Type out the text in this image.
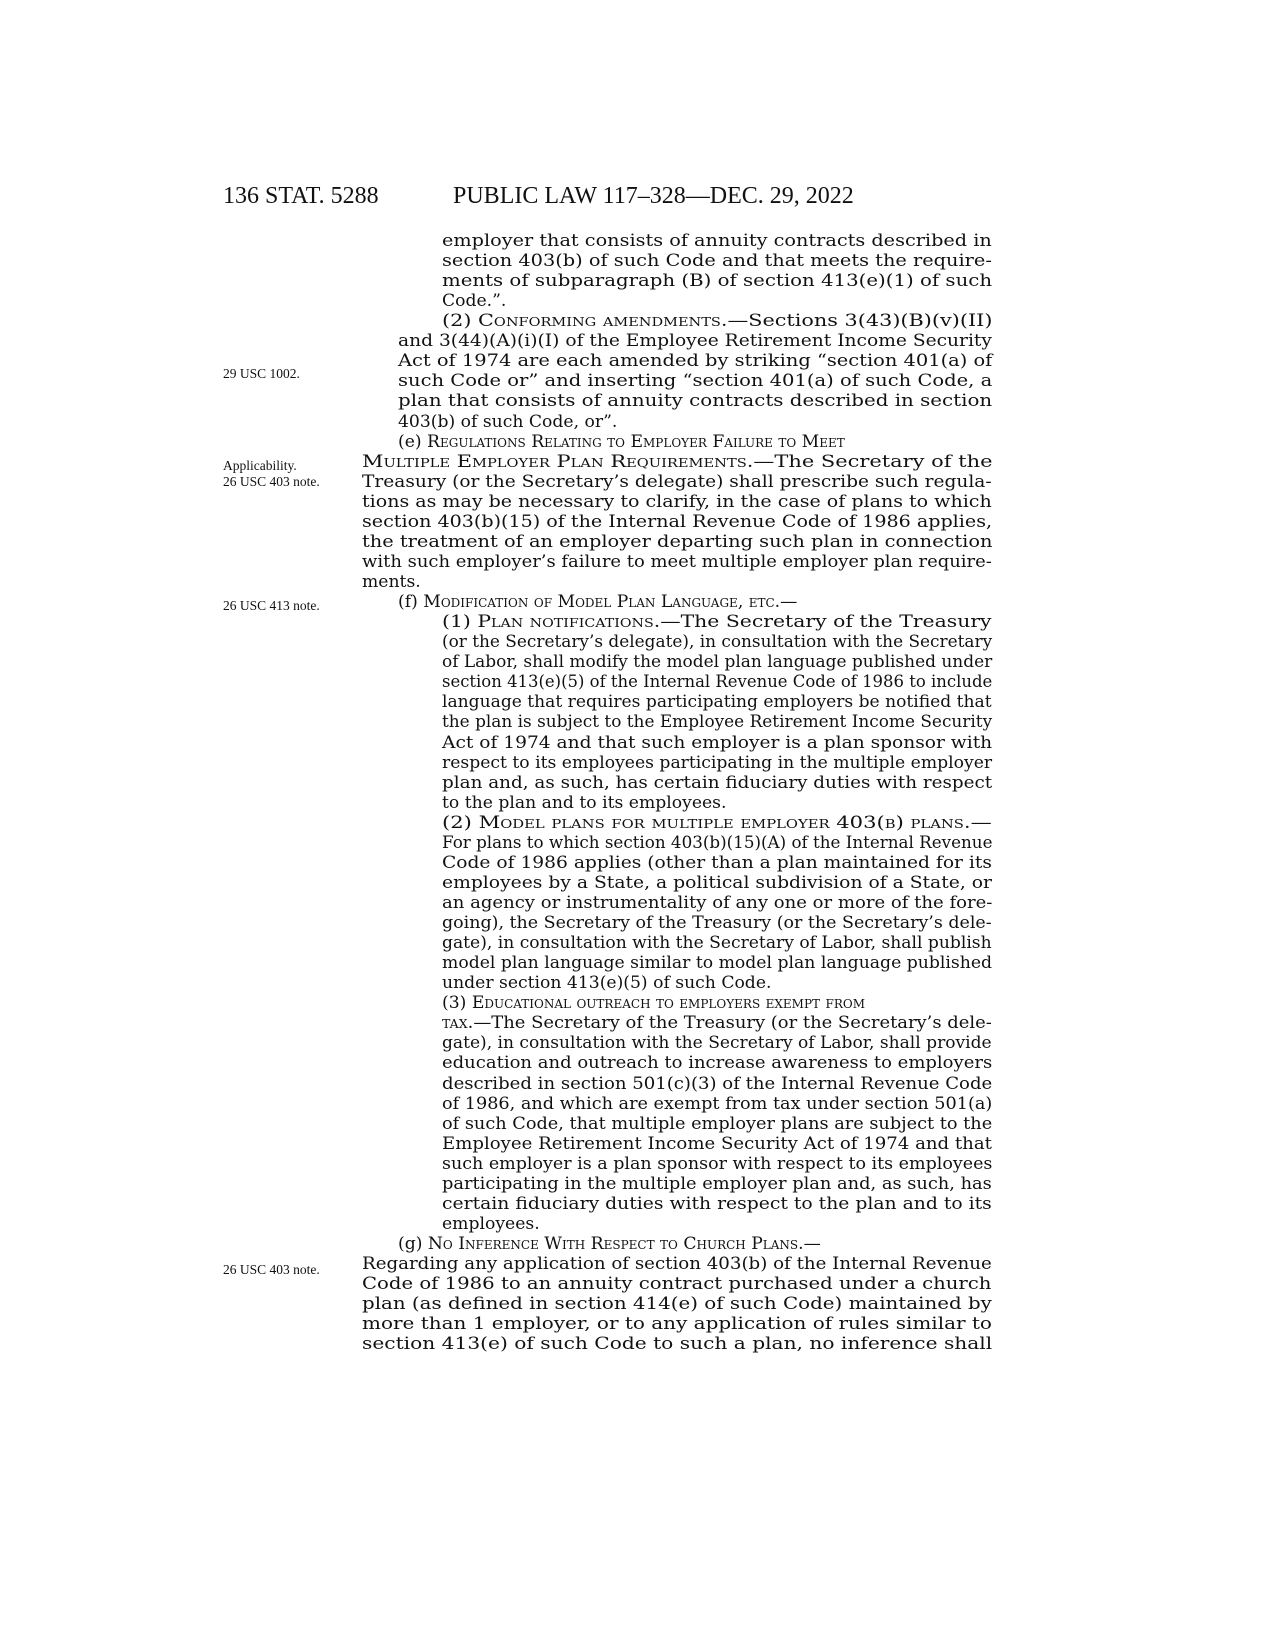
136 STAT. 5288	PUBLIC LAW 117–328—DEC. 29, 2022
29 USC 1002.
Applicability.
26 USC 403 note.
26 USC 413 note.
26 USC 403 note.
employer that consists of annuity contracts described in
section 403(b) of such Code and that meets the require-
ments of subparagraph (B) of section 413(e)(1) of such
Code.”.
(2) Conforming amendments.—Sections 3(43)(B)(v)(II)
and 3(44)(A)(i)(I) of the Employee Retirement Income Security
Act of 1974 are each amended by striking “section 401(a) of
such Code or” and inserting “section 401(a) of such Code, a
plan that consists of annuity contracts described in section
403(b) of such Code, or”.
(e) Regulations Relating to Employer Failure to Meet
Multiple Employer Plan Requirements.—The Secretary of the
Treasury (or the Secretary’s delegate) shall prescribe such regula-
tions as may be necessary to clarify, in the case of plans to which
section 403(b)(15) of the Internal Revenue Code of 1986 applies,
the treatment of an employer departing such plan in connection
with such employer’s failure to meet multiple employer plan require-
ments.
(f) Modification of Model Plan Language, etc.—
(1) Plan notifications.—The Secretary of the Treasury
(or the Secretary’s delegate), in consultation with the Secretary
of Labor, shall modify the model plan language published under
section 413(e)(5) of the Internal Revenue Code of 1986 to include
language that requires participating employers be notified that
the plan is subject to the Employee Retirement Income Security
Act of 1974 and that such employer is a plan sponsor with
respect to its employees participating in the multiple employer
plan and, as such, has certain fiduciary duties with respect
to the plan and to its employees.
(2) Model plans for multiple employer 403(b) plans.—
For plans to which section 403(b)(15)(A) of the Internal Revenue
Code of 1986 applies (other than a plan maintained for its
employees by a State, a political subdivision of a State, or
an agency or instrumentality of any one or more of the fore-
going), the Secretary of the Treasury (or the Secretary’s dele-
gate), in consultation with the Secretary of Labor, shall publish
model plan language similar to model plan language published
under section 413(e)(5) of such Code.
(3) Educational outreach to employers exempt from
tax.—The Secretary of the Treasury (or the Secretary’s dele-
gate), in consultation with the Secretary of Labor, shall provide
education and outreach to increase awareness to employers
described in section 501(c)(3) of the Internal Revenue Code
of 1986, and which are exempt from tax under section 501(a)
of such Code, that multiple employer plans are subject to the
Employee Retirement Income Security Act of 1974 and that
such employer is a plan sponsor with respect to its employees
participating in the multiple employer plan and, as such, has
certain fiduciary duties with respect to the plan and to its
employees.
(g) No Inference With Respect to Church Plans.—
Regarding any application of section 403(b) of the Internal Revenue
Code of 1986 to an annuity contract purchased under a church
plan (as defined in section 414(e) of such Code) maintained by
more than 1 employer, or to any application of rules similar to
section 413(e) of such Code to such a plan, no inference shall
